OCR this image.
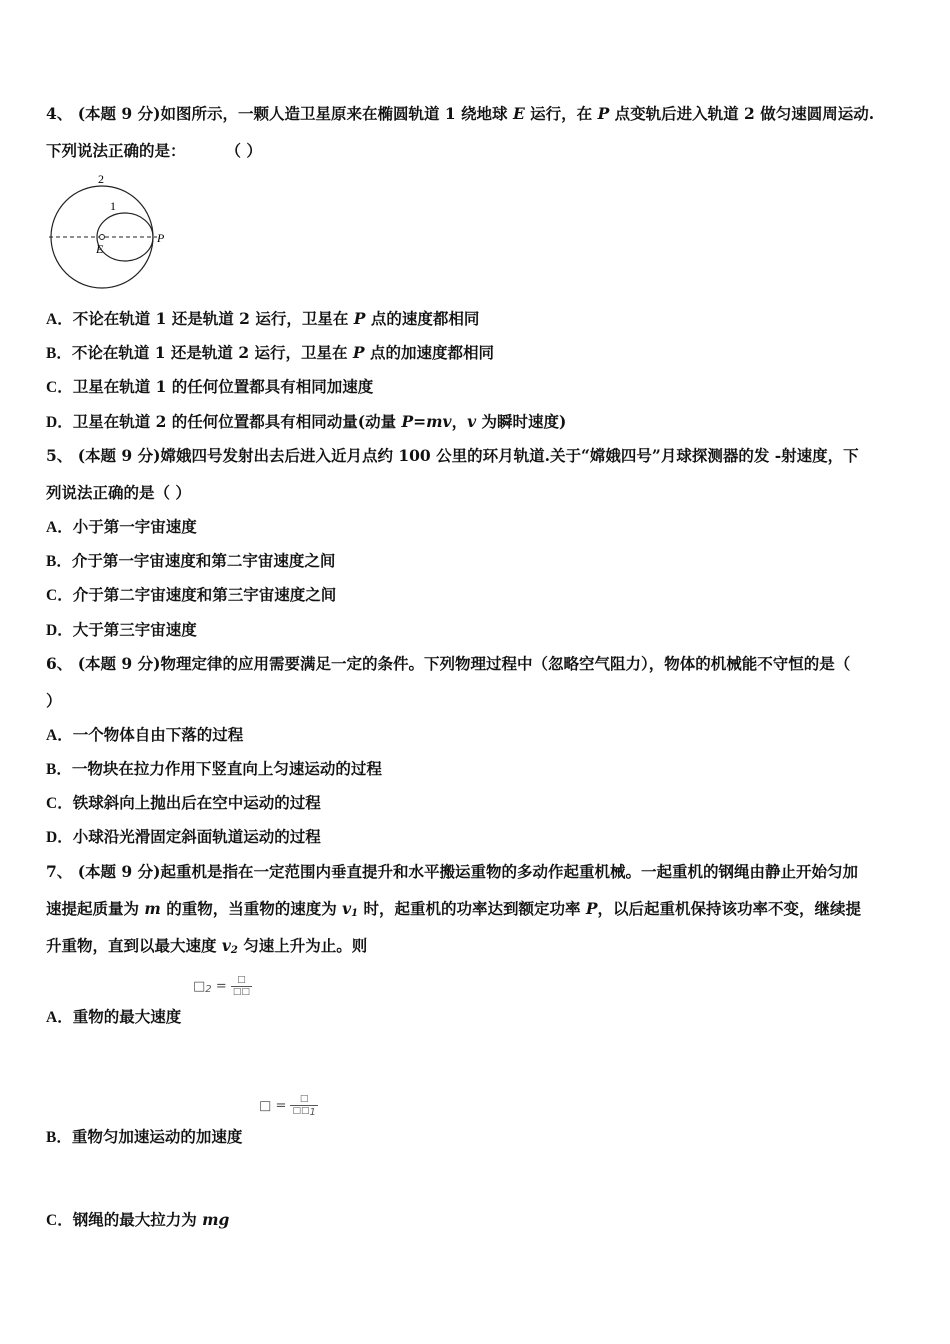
4、 (本题 9 分)如图所示，一颗人造卫星原来在椭圆轨道 1 绕地球 E 运行，在 P 点变轨后进入轨道 2 做匀速圆周运动.
下列说法正确的是：	（ ）
2
1
P
E
A．不论在轨道 1 还是轨道 2 运行，卫星在 P 点的速度都相同
B．不论在轨道 1 还是轨道 2 运行，卫星在 P 点的加速度都相同
C．卫星在轨道 1 的任何位置都具有相同加速度
D．卫星在轨道 2 的任何位置都具有相同动量(动量 P=mv，v 为瞬时速度)
5、 (本题 9 分)嫦娥四号发射出去后进入近月点约 100 公里的环月轨道.关于“嫦娥四号”月球探测器的发 -射速度，下
列说法正确的是（ ）
A．小于第一宇宙速度
B．介于第一宇宙速度和第二宇宙速度之间
C．介于第二宇宙速度和第三宇宙速度之间
D．大于第三宇宙速度
6、 (本题 9 分)物理定律的应用需要满足一定的条件。下列物理过程中（忽略空气阻力），物体的机械能不守恒的是（
）
A．一个物体自由下落的过程
B．一物块在拉力作用下竖直向上匀速运动的过程
C．铁球斜向上抛出后在空中运动的过程
D．小球沿光滑固定斜面轨道运动的过程
7、 (本题 9 分)起重机是指在一定范围内垂直提升和水平搬运重物的多动作起重机械。一起重机的钢绳由静止开始匀加
速提起质量为 m 的重物，当重物的速度为 $v_1$ 时，起重机的功率达到额定功率 P，以后起重机保持该功率不变，继续提
升重物，直到以最大速度 $v_2$ 匀速上升为止。则
$□_2 = \frac{□}{□□}$
A．重物的最大速度
□ = $\frac{□}{□□1}$
B．重物匀加速运动的加速度
C．钢绳的最大拉力为 mg
